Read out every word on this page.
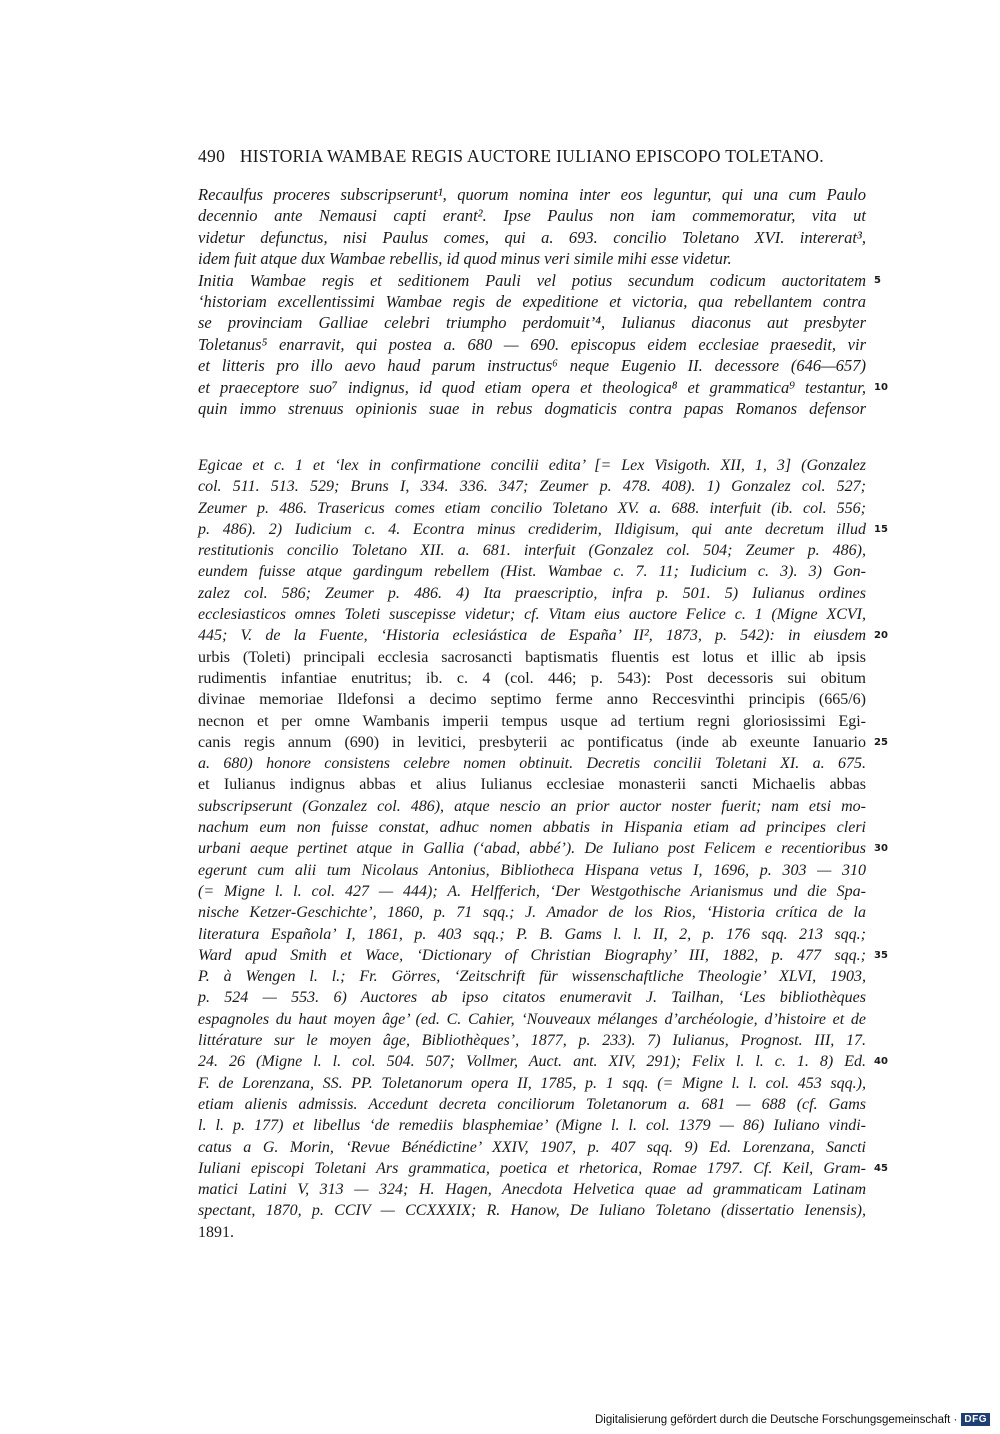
490 HISTORIA WAMBAE REGIS AUCTORE IULIANO EPISCOPO TOLETANO.
Recaulfus proceres subscripserunt¹, quorum nomina inter eos leguntur, qui una cum Paulo
decennio ante Nemausi capti erant². Ipse Paulus non iam commemoratur, vita ut
videtur defunctus, nisi Paulus comes, qui a. 693. concilio Toletano XVI. intererat³,
idem fuit atque dux Wambae rebellis, id quod minus veri simile mihi esse videtur.
Initia Wambae regis et seditionem Pauli vel potius secundum codicum auctoritatem 5
‘historiam excellentissimi Wambae regis de expeditione et victoria, qua rebellantem contra
se provinciam Galliae celebri triumpho perdomuit’⁴, Iulianus diaconus aut presbyter
Toletanus⁵ enarravit, qui postea a. 680 — 690. episcopus eidem ecclesiae praesedit, vir
et litteris pro illo aevo haud parum instructus⁶ neque Eugenio II. decessore (646—657)
et praeceptore suo⁷ indignus, id quod etiam opera et theologica⁸ et grammatica⁹ testantur, 10
quin immo strenuus opinionis suae in rebus dogmaticis contra papas Romanos defensor
Egicae et c. 1 et ‘lex in confirmatione concilii edita’ [= Lex Visigoth. XII, 1, 3] (Gonzalez
col. 511. 513. 529; Bruns I, 334. 336. 347; Zeumer p. 478. 408). 1) Gonzalez col. 527;
Zeumer p. 486. Trasericus comes etiam concilio Toletano XV. a. 688. interfuit (ib. col. 556;
p. 486). 2) Iudicium c. 4. Econtra minus crediderim, Ildigisum, qui ante decretum illud 15
restitutionis concilio Toletano XII. a. 681. interfuit (Gonzalez col. 504; Zeumer p. 486),
eundem fuisse atque gardingum rebellem (Hist. Wambae c. 7. 11; Iudicium c. 3). 3) Gon-
zalez col. 586; Zeumer p. 486. 4) Ita praescriptio, infra p. 501. 5) Iulianus ordines
ecclesiasticos omnes Toleti suscepisse videtur; cf. Vitam eius auctore Felice c. 1 (Migne XCVI,
445; V. de la Fuente, ‘Historia eclesiástica de España’ II², 1873, p. 542): in eiusdem 20
urbis (Toleti) principali ecclesia sacrosancti baptismatis fluentis est lotus et illic ab ipsis
rudimentis infantiae enutritus; ib. c. 4 (col. 446; p. 543): Post decessoris sui obitum
divinae memoriae Ildefonsi a decimo septimo ferme anno Reccesvinthi principis (665/6)
necnon et per omne Wambanis imperii tempus usque ad tertium regni gloriosissimi Egi-
canis regis annum (690) in levitici, presbyterii ac pontificatus (inde ab exeunte Ianuario 25
a. 680) honore consistens celebre nomen obtinuit. Decretis concilii Toletani XI. a. 675.
et Iulianus indignus abbas et alius Iulianus ecclesiae monasterii sancti Michaelis abbas
subscripserunt (Gonzalez col. 486), atque nescio an prior auctor noster fuerit; nam etsi mo-
nachum eum non fuisse constat, adhuc nomen abbatis in Hispania etiam ad principes cleri
urbani aeque pertinet atque in Gallia (‘abad, abbé’). De Iuliano post Felicem e recentioribus 30
egerunt cum alii tum Nicolaus Antonius, Bibliotheca Hispana vetus I, 1696, p. 303 — 310
(= Migne l. l. col. 427 — 444); A. Helfferich, ‘Der Westgothische Arianismus und die Spa-
nische Ketzer-Geschichte’, 1860, p. 71 sqq.; J. Amador de los Rios, ‘Historia crítica de la
literatura Española’ I, 1861, p. 403 sqq.; P. B. Gams l. l. II, 2, p. 176 sqq. 213 sqq.;
Ward apud Smith et Wace, ‘Dictionary of Christian Biography’ III, 1882, p. 477 sqq.; 35
P. à Wengen l. l.; Fr. Görres, ‘Zeitschrift für wissenschaftliche Theologie’ XLVI, 1903,
p. 524 — 553. 6) Auctores ab ipso citatos enumeravit J. Tailhan, ‘Les bibliothèques
espagnoles du haut moyen âge’ (ed. C. Cahier, ‘Nouveaux mélanges d’archéologie, d’histoire et de
littérature sur le moyen âge, Bibliothèques’, 1877, p. 233). 7) Iulianus, Prognost. III, 17.
24. 26 (Migne l. l. col. 504. 507; Vollmer, Auct. ant. XIV, 291); Felix l. l. c. 1. 8) Ed. 40
F. de Lorenzana, SS. PP. Toletanorum opera II, 1785, p. 1 sqq. (= Migne l. l. col. 453 sqq.),
etiam alienis admissis. Accedunt decreta conciliorum Toletanorum a. 681 — 688 (cf. Gams
l. l. p. 177) et libellus ‘de remediis blasphemiae’ (Migne l. l. col. 1379 — 86) Iuliano vindi-
catus a G. Morin, ‘Revue Bénédictine’ XXIV, 1907, p. 407 sqq. 9) Ed. Lorenzana, Sancti
Iuliani episcopi Toletani Ars grammatica, poetica et rhetorica, Romae 1797. Cf. Keil, Gram- 45
matici Latini V, 313 — 324; H. Hagen, Anecdota Helvetica quae ad grammaticam Latinam
spectant, 1870, p. CCIV — CCXXXIX; R. Hanow, De Iuliano Toletano (dissertatio Ienensis),
1891.
Digitalisierung gefördert durch die Deutsche Forschungsgemeinschaft · DFG
